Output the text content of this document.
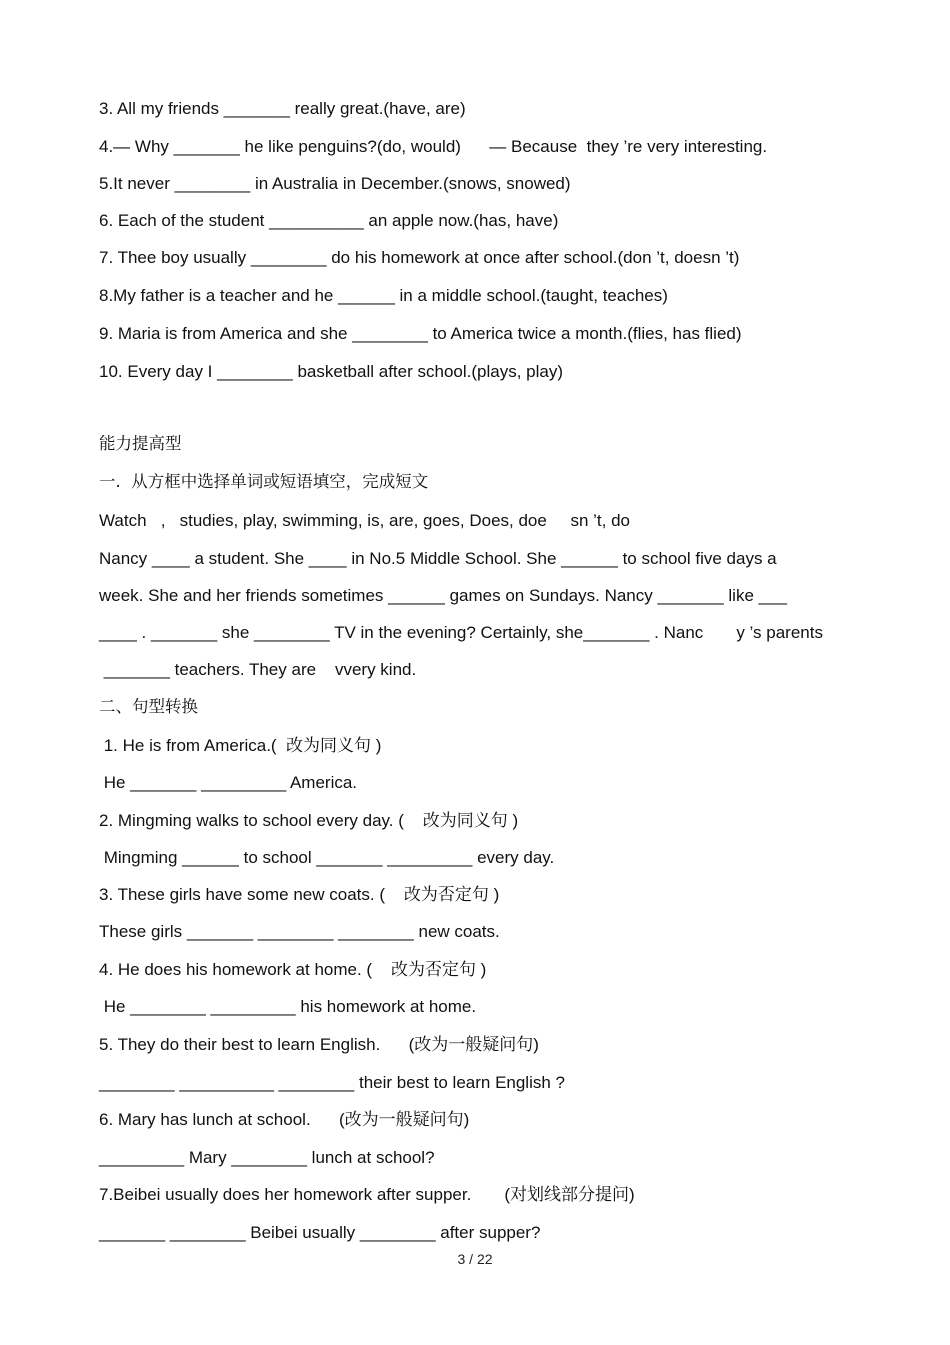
3. All my friends _______ really great.(have, are)

4.— Why _______ he like penguins?(do, would)      — Because  they ’re very interesting.

5.It never ________ in Australia in December.(snows, snowed)

6. Each of the student __________ an apple now.(has, have)

7. Thee boy usually ________ do his homework at once after school.(don ’t, doesn ’t)

8.My father is a teacher and he ______ in a middle school.(taught, teaches)

9. Maria is from America and she ________ to America twice a month.(flies, has flied)

10. Every day I ________ basketball after school.(plays, play)

能力提高型

一.  从方框中选择单词或短语填空，完成短文

Watch   ,   studies, play, swimming, is, are, goes, Does, doe     sn ’t, do

Nancy ____ a student. She ____ in No.5 Middle School. She ______ to school five days a

week. She and her friends sometimes ______ games on Sundays. Nancy _______ like ___

____ . _______ she ________ TV in the evening? Certainly, she_______ . Nanc       y ’s parents

_______ teachers. They are    vvery kind.

二、句型转换

1. He is from America.(  改为同义句 )

He _______ _________ America.

2. Mingming walks to school every day. (    改为同义句 )

Mingming ______ to school _______ _________ every day.

3. These girls have some new coats. (    改为否定句 )

These girls _______ ________ ________ new coats.

4. He does his homework at home. (    改为否定句 )

He ________ _________ his homework at home.

5. They do their best to learn English.      (改为一般疑问句)

________ __________ ________ their best to learn English ?

6. Mary has lunch at school.      (改为一般疑问句)

_________ Mary ________ lunch at school?

7.Beibei usually does her homework after supper.       (对划线部分提问)

_______ ________ Beibei usually ________ after supper?

3 / 22
